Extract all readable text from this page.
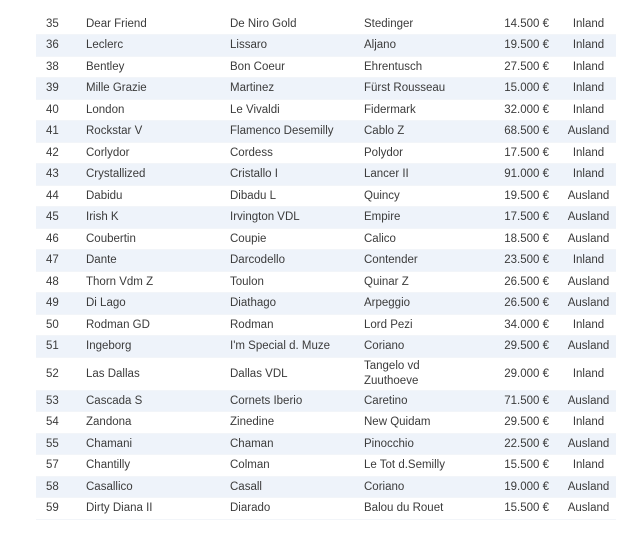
35	Dear Friend	De Niro Gold	Stedinger	14.500 €	Inland
36	Leclerc	Lissaro	Aljano	19.500 €	Inland
38	Bentley	Bon Coeur	Ehrentusch	27.500 €	Inland
39	Mille Grazie	Martinez	Fürst Rousseau	15.000 €	Inland
40	London	Le Vivaldi	Fidermark	32.000 €	Inland
41	Rockstar V	Flamenco Desemilly	Cablo Z	68.500 €	Ausland
42	Corlydor	Cordess	Polydor	17.500 €	Inland
43	Crystallized	Cristallo I	Lancer II	91.000 €	Inland
44	Dabidu	Dibadu L	Quincy	19.500 €	Ausland
45	Irish K	Irvington VDL	Empire	17.500 €	Ausland
46	Coubertin	Coupie	Calico	18.500 €	Ausland
47	Dante	Darcodello	Contender	23.500 €	Inland
48	Thorn Vdm Z	Toulon	Quinar Z	26.500 €	Ausland
49	Di Lago	Diathago	Arpeggio	26.500 €	Ausland
50	Rodman GD	Rodman	Lord Pezi	34.000 €	Inland
51	Ingeborg	I'm Special d. Muze	Coriano	29.500 €	Ausland
52	Las Dallas	Dallas VDL	Tangelo vd Zuuthoeve	29.000 €	Inland
53	Cascada S	Cornets Iberio	Caretino	71.500 €	Ausland
54	Zandona	Zinedine	New Quidam	29.500 €	Inland
55	Chamani	Chaman	Pinocchio	22.500 €	Ausland
57	Chantilly	Colman	Le Tot d.Semilly	15.500 €	Inland
58	Casallico	Casall	Coriano	19.000 €	Ausland
59	Dirty Diana II	Diarado	Balou du Rouet	15.500 €	Ausland
